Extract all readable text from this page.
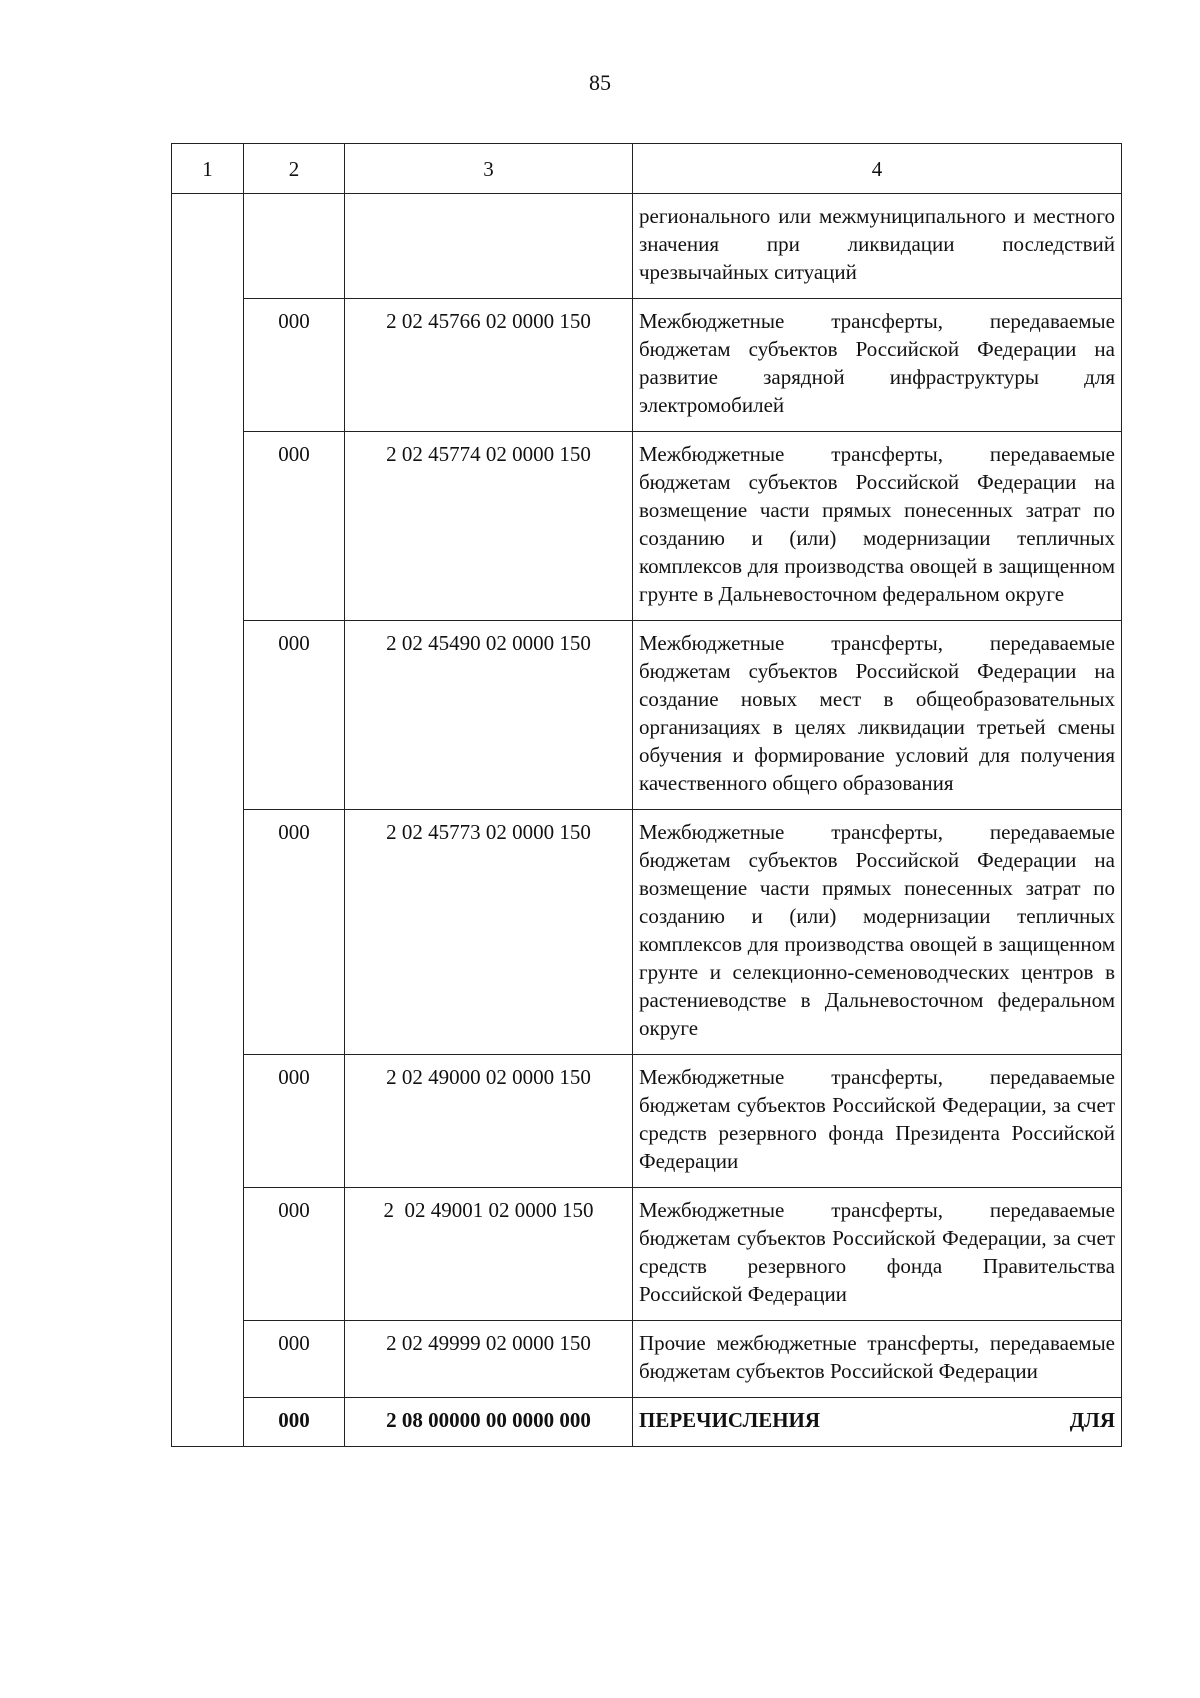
85
1	2	3	4
			регионального или межмуниципального и местного значения при ликвидации последствий чрезвычайных ситуаций
	000	2 02 45766 02 0000 150	Межбюджетные трансферты, передаваемые бюджетам субъектов Российской Федерации на развитие зарядной инфраструктуры для электромобилей
	000	2 02 45774 02 0000 150	Межбюджетные трансферты, передаваемые бюджетам субъектов Российской Федерации на возмещение части прямых понесенных затрат по созданию и (или) модернизации тепличных комплексов для производства овощей в защищенном грунте в Дальневосточном федеральном округе
	000	2 02 45490 02 0000 150	Межбюджетные трансферты, передаваемые бюджетам субъектов Российской Федерации на создание новых мест в общеобразовательных организациях в целях ликвидации третьей смены обучения и формирование условий для получения качественного общего образования
	000	2 02 45773 02 0000 150	Межбюджетные трансферты, передаваемые бюджетам субъектов Российской Федерации на возмещение части прямых понесенных затрат по созданию и (или) модернизации тепличных комплексов для производства овощей в защищенном грунте и селекционно-семеноводческих центров в растениеводстве в Дальневосточном федеральном округе
	000	2 02 49000 02 0000 150	Межбюджетные трансферты, передаваемые бюджетам субъектов Российской Федерации, за счет средств резервного фонда Президента Российской Федерации
	000	2  02 49001 02 0000 150	Межбюджетные трансферты, передаваемые бюджетам субъектов Российской Федерации, за счет средств резервного фонда Правительства Российской Федерации
	000	2 02 49999 02 0000 150	Прочие межбюджетные трансферты, передаваемые бюджетам субъектов Российской Федерации
	000	2 08 00000 00 0000 000	ПЕРЕЧИСЛЕНИЯ ДЛЯ
